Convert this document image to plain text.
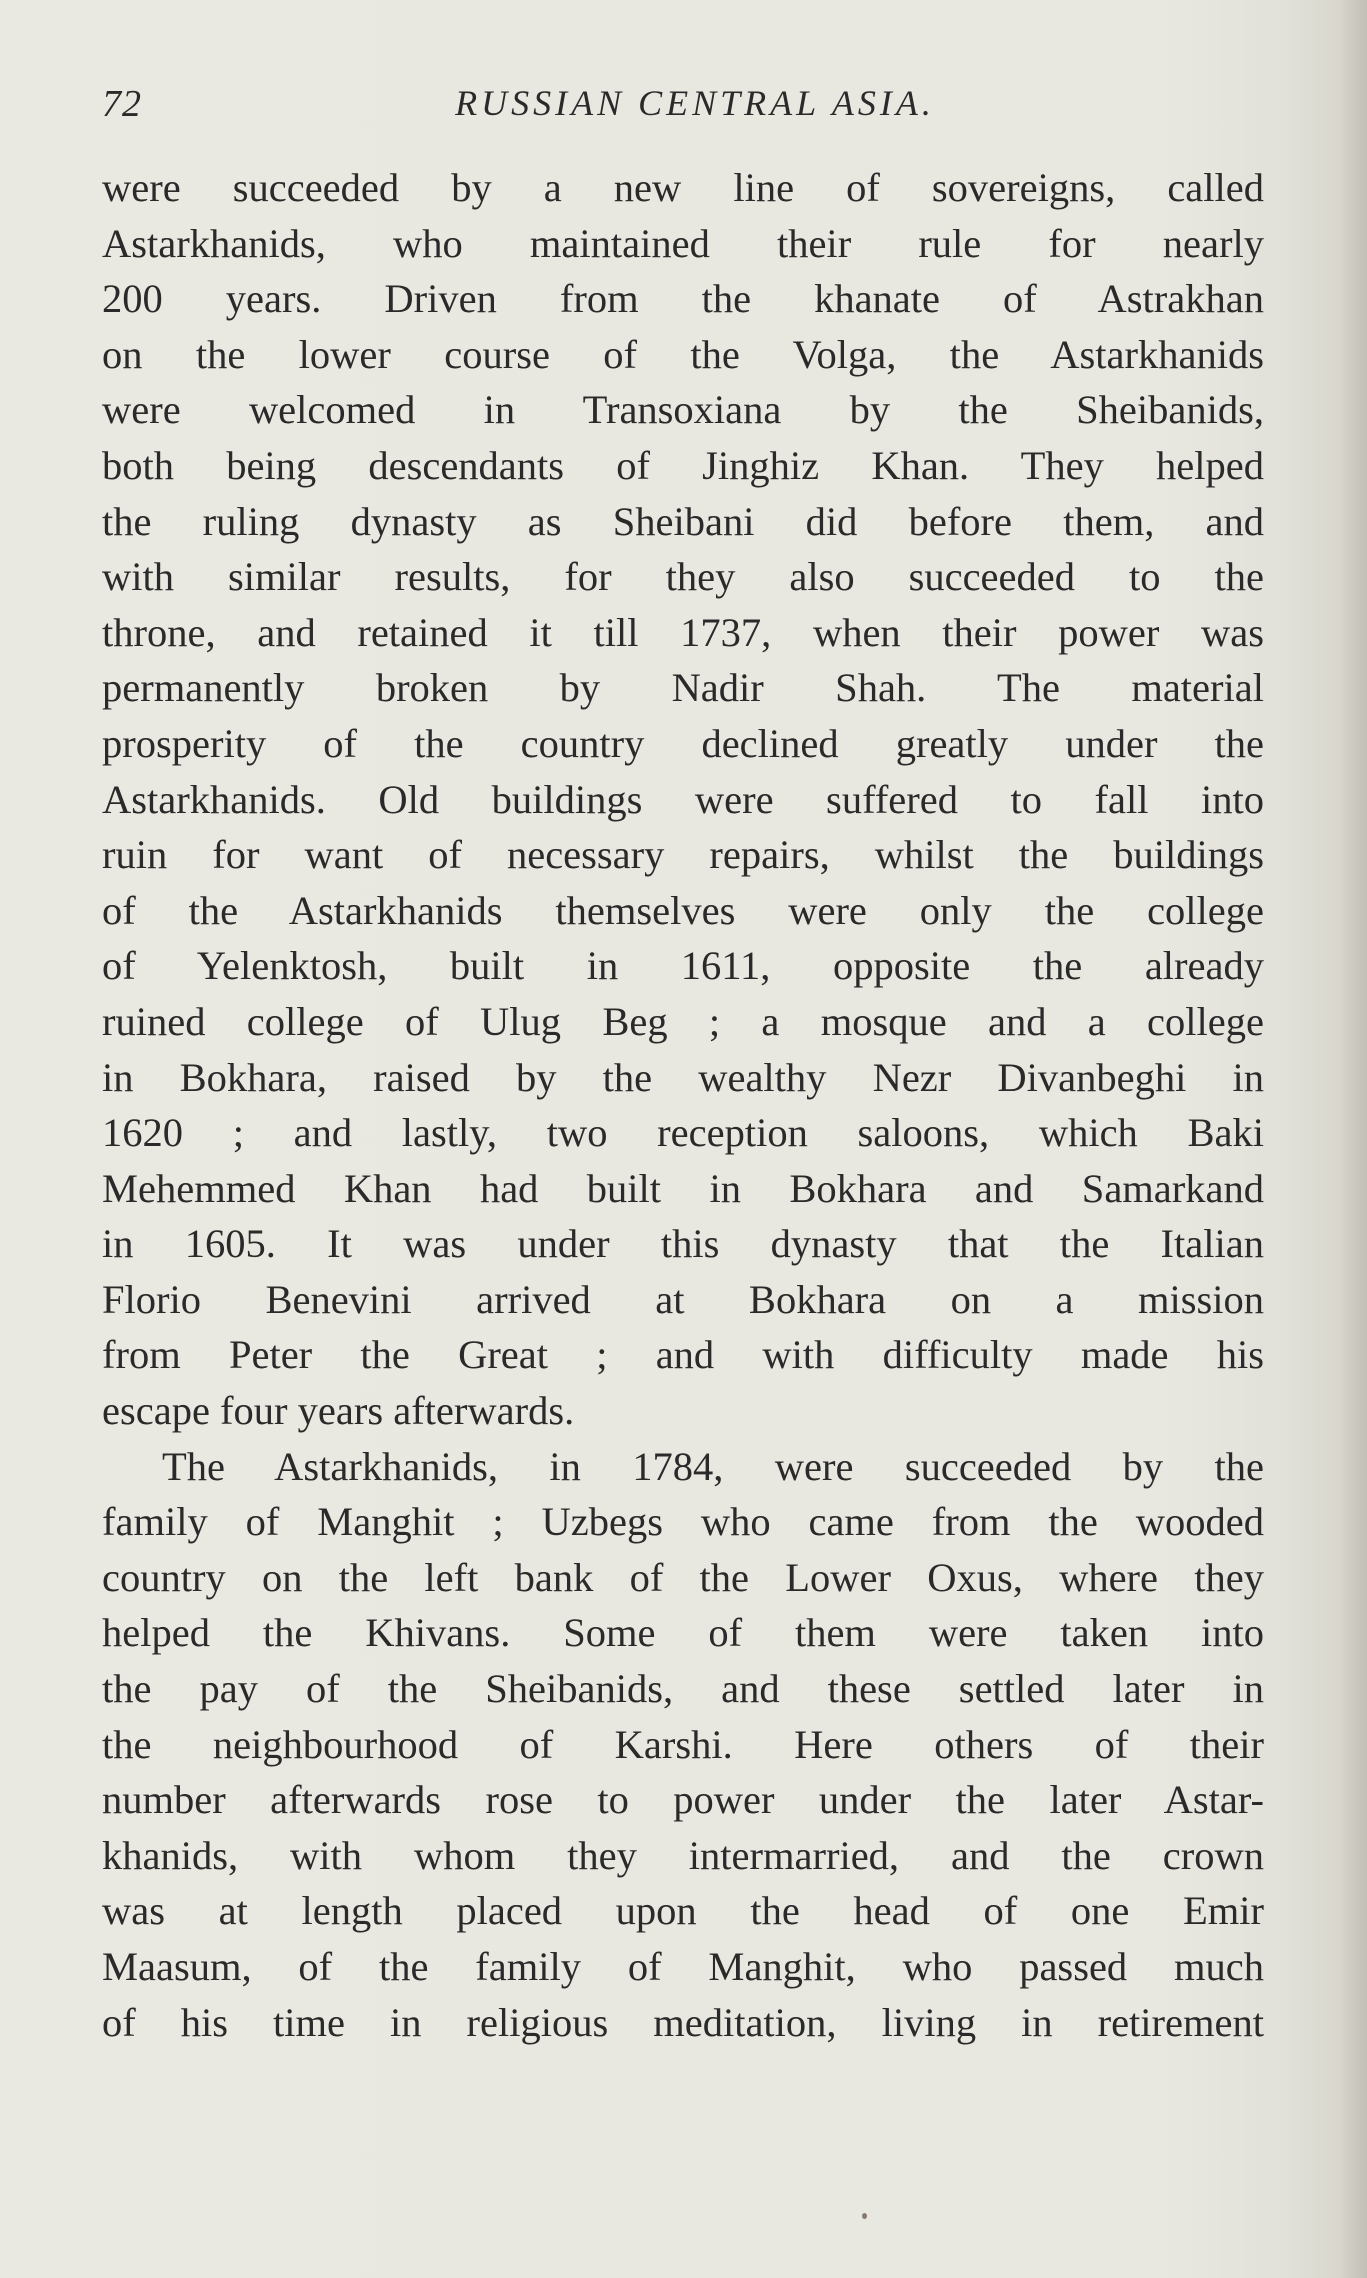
72	RUSSIAN CENTRAL ASIA.
were succeeded by a new line of sovereigns, called
Astarkhanids, who maintained their rule for nearly
200 years. Driven from the khanate of Astrakhan
on the lower course of the Volga, the Astarkhanids
were welcomed in Transoxiana by the Sheibanids,
both being descendants of Jinghiz Khan. They helped
the ruling dynasty as Sheibani did before them, and
with similar results, for they also succeeded to the
throne, and retained it till 1737, when their power was
permanently broken by Nadir Shah. The material
prosperity of the country declined greatly under the
Astarkhanids. Old buildings were suffered to fall into
ruin for want of necessary repairs, whilst the buildings
of the Astarkhanids themselves were only the college
of Yelenktosh, built in 1611, opposite the already
ruined college of Ulug Beg ; a mosque and a college
in Bokhara, raised by the wealthy Nezr Divanbeghi in
1620 ; and lastly, two reception saloons, which Baki
Mehemmed Khan had built in Bokhara and Samarkand
in 1605. It was under this dynasty that the Italian
Florio Benevini arrived at Bokhara on a mission
from Peter the Great ; and with difficulty made his
escape four years afterwards.
The Astarkhanids, in 1784, were succeeded by the
family of Manghit ; Uzbegs who came from the wooded
country on the left bank of the Lower Oxus, where they
helped the Khivans. Some of them were taken into
the pay of the Sheibanids, and these settled later in
the neighbourhood of Karshi. Here others of their
number afterwards rose to power under the later Astar-
khanids, with whom they intermarried, and the crown
was at length placed upon the head of one Emir
Maasum, of the family of Manghit, who passed much
of his time in religious meditation, living in retirement
